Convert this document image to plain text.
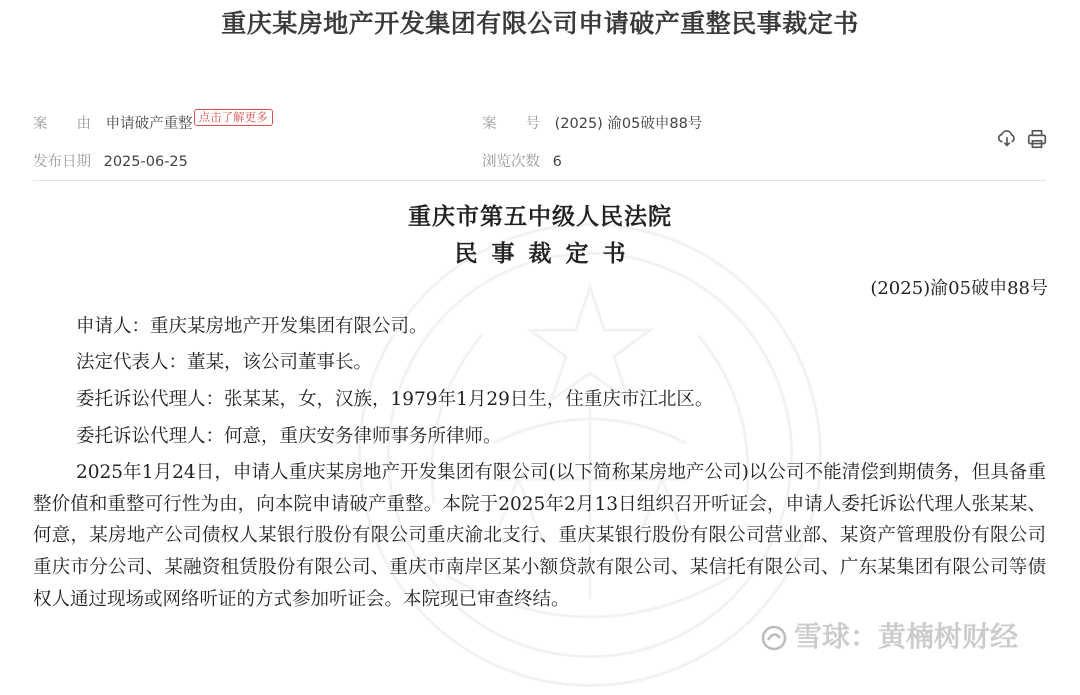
重庆某房地产开发集团有限公司申请破产重整民事裁定书
案　　由 申请破产重整 点击了解更多	案　　号 (2025) 渝05破申88号
发布日期 2025-06-25	浏览次数 6
重庆市第五中级人民法院
民事裁定书
(2025)渝05破申88号
申请人：重庆某房地产开发集团有限公司。
法定代表人：董某，该公司董事长。
委托诉讼代理人：张某某，女，汉族，1979年1月29日生，住重庆市江北区。
委托诉讼代理人：何意，重庆安务律师事务所律师。

2025年1月24日，申请人重庆某房地产开发集团有限公司(以下简称某房地产公司)以公司不能清偿到期债务，但具备重整价值和重整可行性为由，向本院申请破产重整。本院于2025年2月13日组织召开听证会，申请人委托诉讼代理人张某某、何意，某房地产公司债权人某银行股份有限公司重庆渝北支行、重庆某银行股份有限公司营业部、某资产管理股份有限公司重庆市分公司、某融资租赁股份有限公司、重庆市南岸区某小额贷款有限公司、某信托有限公司、广东某集团有限公司等债权人通过现场或网络听证的方式参加听证会。本院现已审查终结。

雪球：黄楠树财经
